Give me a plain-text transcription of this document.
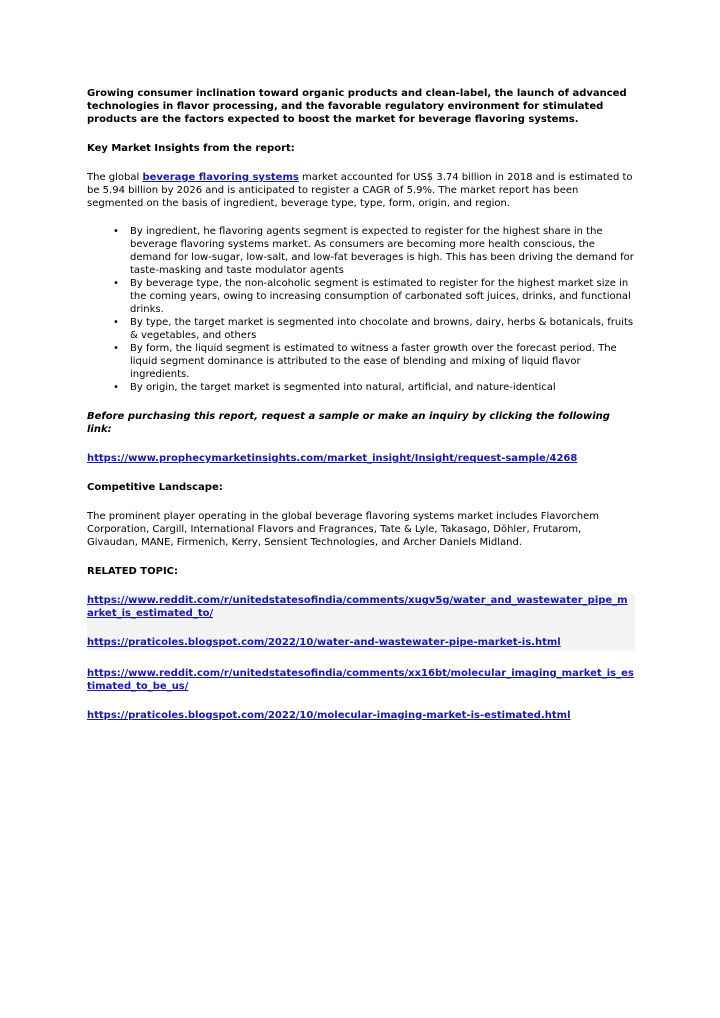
Growing consumer inclination toward organic products and clean-label, the launch of advanced technologies in flavor processing, and the favorable regulatory environment for stimulated products are the factors expected to boost the market for beverage flavoring systems.

Key Market Insights from the report:

The global beverage flavoring systems market accounted for US$ 3.74 billion in 2018 and is estimated to be 5.94 billion by 2026 and is anticipated to register a CAGR of 5.9%. The market report has been segmented on the basis of ingredient, beverage type, type, form, origin, and region.

• By ingredient, he flavoring agents segment is expected to register for the highest share in the beverage flavoring systems market. As consumers are becoming more health conscious, the demand for low-sugar, low-salt, and low-fat beverages is high. This has been driving the demand for taste-masking and taste modulator agents
• By beverage type, the non-alcoholic segment is estimated to register for the highest market size in the coming years, owing to increasing consumption of carbonated soft juices, drinks, and functional drinks.
• By type, the target market is segmented into chocolate and browns, dairy, herbs & botanicals, fruits & vegetables, and others
• By form, the liquid segment is estimated to witness a faster growth over the forecast period. The liquid segment dominance is attributed to the ease of blending and mixing of liquid flavor ingredients.
• By origin, the target market is segmented into natural, artificial, and nature-identical

Before purchasing this report, request a sample or make an inquiry by clicking the following link:

https://www.prophecymarketinsights.com/market_insight/Insight/request-sample/4268

Competitive Landscape:

The prominent player operating in the global beverage flavoring systems market includes Flavorchem Corporation, Cargill, International Flavors and Fragrances, Tate & Lyle, Takasago, Döhler, Frutarom, Givaudan, MANE, Firmenich, Kerry, Sensient Technologies, and Archer Daniels Midland.

RELATED TOPIC:

https://www.reddit.com/r/unitedstatesofindia/comments/xugv5g/water_and_wastewater_pipe_market_is_estimated_to/
https://praticoles.blogspot.com/2022/10/water-and-wastewater-pipe-market-is.html
https://www.reddit.com/r/unitedstatesofindia/comments/xx16bt/molecular_imaging_market_is_estimated_to_be_us/
https://praticoles.blogspot.com/2022/10/molecular-imaging-market-is-estimated.html
